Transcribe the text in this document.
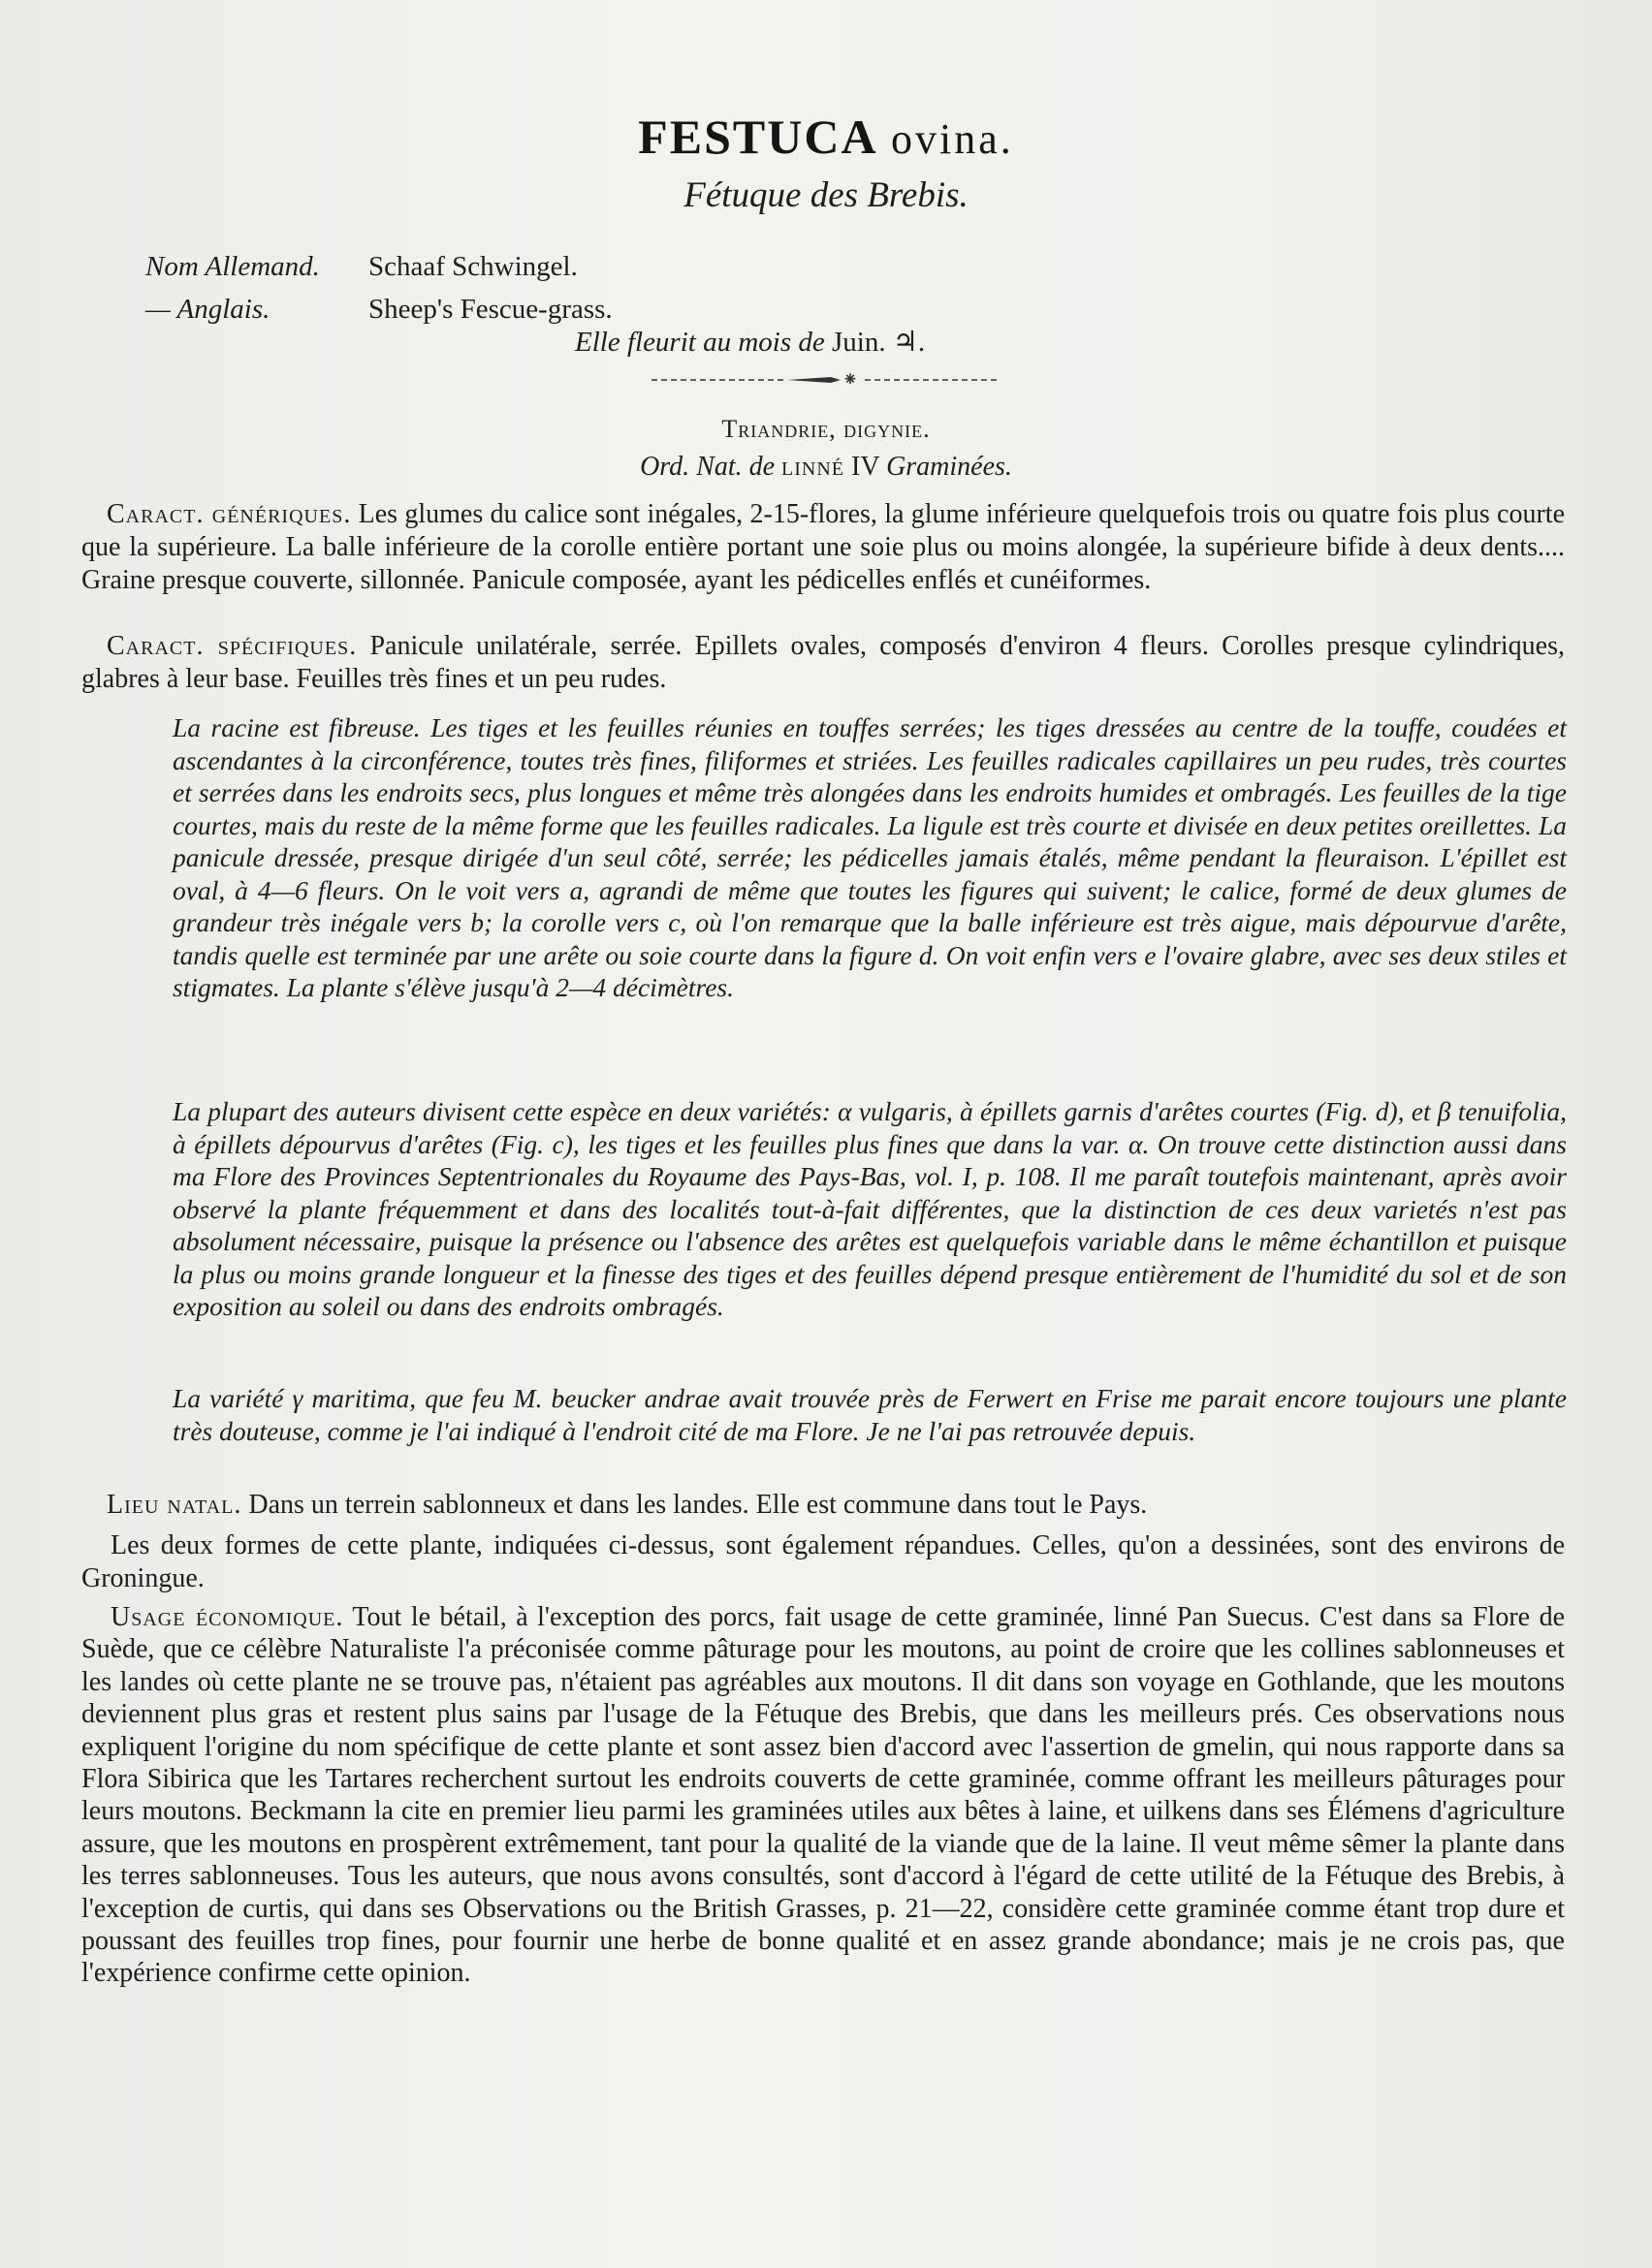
FESTUCA ovina.
Fétuque des Brebis.
Nom Allemand. Schaaf Schwingel.
— Anglais.	Sheep's Fescue-grass.
Elle fleurit au mois de Juin. ♃.
⁕
Triandrie, digynie.
Ord. Nat. de linné IV Graminées.
Caract. génériques. Les glumes du calice sont inégales, 2-15-flores, la glume inférieure quelquefois trois ou quatre fois plus courte que la supérieure. La balle inférieure de la corolle entière portant une soie plus ou moins alongée, la supérieure bifide à deux dents.... Graine presque couverte, sillonnée. Panicule composée, ayant les pédicelles enflés et cunéiformes.
Caract. spécifiques. Panicule unilatérale, serrée. Epillets ovales, composés d'environ 4 fleurs. Corolles presque cylindriques, glabres à leur base. Feuilles très fines et un peu rudes.
La racine est fibreuse. Les tiges et les feuilles réunies en touffes serrées; les tiges dressées au centre de la touffe, coudées et ascendantes à la circonférence, toutes très fines, filiformes et striées. Les feuilles radicales capillaires un peu rudes, très courtes et serrées dans les endroits secs, plus longues et même très alongées dans les endroits humides et ombragés. Les feuilles de la tige courtes, mais du reste de la même forme que les feuilles radicales. La ligule est très courte et divisée en deux petites oreillettes. La panicule dressée, presque dirigée d'un seul côté, serrée; les pédicelles jamais étalés, même pendant la fleuraison. L'épillet est oval, à 4—6 fleurs. On le voit vers a, agrandi de même que toutes les figures qui suivent; le calice, formé de deux glumes de grandeur très inégale vers b; la corolle vers c, où l'on remarque que la balle inférieure est très aigue, mais dépourvue d'arête, tandis quelle est terminée par une arête ou soie courte dans la figure d. On voit enfin vers e l'ovaire glabre, avec ses deux stiles et stigmates. La plante s'élève jusqu'à 2—4 décimètres.
La plupart des auteurs divisent cette espèce en deux variétés: α vulgaris, à épillets garnis d'arêtes courtes (Fig. d), et β tenuifolia, à épillets dépourvus d'arêtes (Fig. c), les tiges et les feuilles plus fines que dans la var. α. On trouve cette distinction aussi dans ma Flore des Provinces Septentrionales du Royaume des Pays-Bas, vol. I, p. 108. Il me paraît toutefois maintenant, après avoir observé la plante fréquemment et dans des localités tout-à-fait différentes, que la distinction de ces deux varietés n'est pas absolument nécessaire, puisque la présence ou l'absence des arêtes est quelquefois variable dans le même échantillon et puisque la plus ou moins grande longueur et la finesse des tiges et des feuilles dépend presque entièrement de l'humidité du sol et de son exposition au soleil ou dans des endroits ombragés.
La variété γ maritima, que feu M. beucker andrae avait trouvée près de Ferwert en Frise me parait encore toujours une plante très douteuse, comme je l'ai indiqué à l'endroit cité de ma Flore. Je ne l'ai pas retrouvée depuis.
Lieu natal. Dans un terrein sablonneux et dans les landes. Elle est commune dans tout le Pays.
Les deux formes de cette plante, indiquées ci-dessus, sont également répandues. Celles, qu'on a dessinées, sont des environs de Groningue.
Usage économique. Tout le bétail, à l'exception des porcs, fait usage de cette graminée, linné Pan Suecus. C'est dans sa Flore de Suède, que ce célèbre Naturaliste l'a préconisée comme pâturage pour les moutons, au point de croire que les collines sablonneuses et les landes où cette plante ne se trouve pas, n'étaient pas agréables aux moutons. Il dit dans son voyage en Gothlande, que les moutons deviennent plus gras et restent plus sains par l'usage de la Fétuque des Brebis, que dans les meilleurs prés. Ces observations nous expliquent l'origine du nom spécifique de cette plante et sont assez bien d'accord avec l'assertion de gmelin, qui nous rapporte dans sa Flora Sibirica que les Tartares recherchent surtout les endroits couverts de cette graminée, comme offrant les meilleurs pâturages pour leurs moutons. Beckmann la cite en premier lieu parmi les graminées utiles aux bêtes à laine, et uilkens dans ses Élémens d'agriculture assure, que les moutons en prospèrent extrêmement, tant pour la qualité de la viande que de la laine. Il veut même sêmer la plante dans les terres sablonneuses. Tous les auteurs, que nous avons consultés, sont d'accord à l'égard de cette utilité de la Fétuque des Brebis, à l'exception de curtis, qui dans ses Observations ou the British Grasses, p. 21—22, considère cette graminée comme étant trop dure et poussant des feuilles trop fines, pour fournir une herbe de bonne qualité et en assez grande abondance; mais je ne crois pas, que l'expérience confirme cette opinion.
